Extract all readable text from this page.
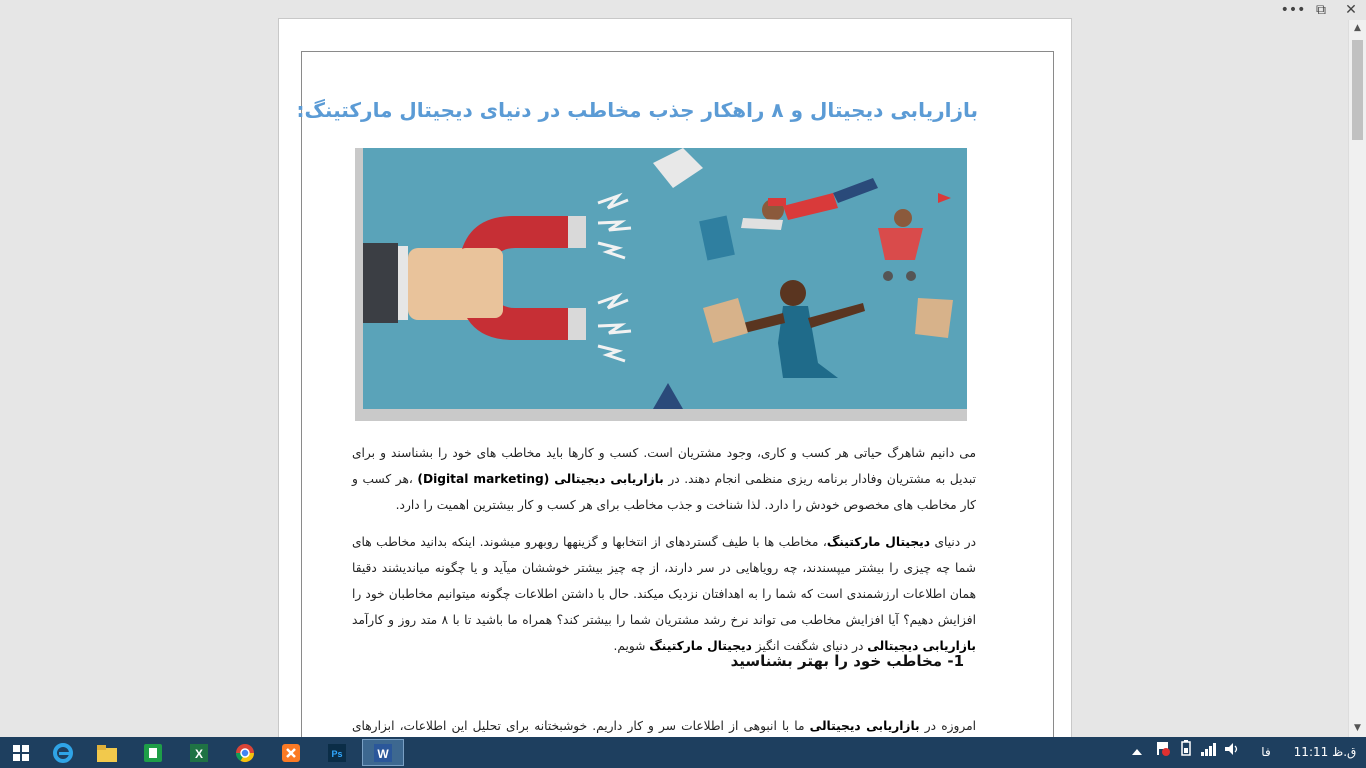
••• ⧉	✕
بازاریابی دیجیتال و ۸ راهکار جذب مخاطب در دنیای دیجیتال مارکتینگ:
می دانیم شاهرگ حیاتی هر کسب و کاری، وجود مشتریان است. کسب و کارها باید مخاطب های خود را بشناسند و برای تبدیل به مشتریان وفادار برنامه ریزی منظمی انجام دهند. در بازاریابی دیجیتالی (Digital marketing) ،هر کسب و کار مخاطب های مخصوص خودش را دارد. لذا شناخت و جذب مخاطب برای هر کسب و کار بیشترین اهمیت را دارد.
در دنیای دیجیتال مارکتینگ، مخاطب ها با طیف گستردهای از انتخابها و گزینهها روبهرو میشوند. اینکه بدانید مخاطب های شما چه چیزی را بیشتر میپسندند، چه رویاهایی در سر دارند، از چه چیز بیشتر خوششان میآید و یا چگونه میاندیشند دقیقا همان اطلاعات ارزشمندی است که شما را به اهدافتان نزدیک میکند. حال با داشتن اطلاعات چگونه میتوانیم مخاطبان خود را افزایش دهیم؟ آیا افزایش مخاطب می تواند نرخ رشد مشتریان شما را بیشتر کند؟ همراه ما باشید تا با ۸ متد روز و کارآمد بازاریابی دیجیتالی در دنیای شگفت انگیز دیجیتال مارکتینگ شویم.
1- مخاطب خود را بهتر بشناسید
امروزه در بازاریابی دیجیتالی ما با انبوهی از اطلاعات سر و کار داریم. خوشبختانه برای تحلیل این اطلاعات، ابزارهای
▲
▼
X	Ps	W	فا	11:11 ق.ظ
